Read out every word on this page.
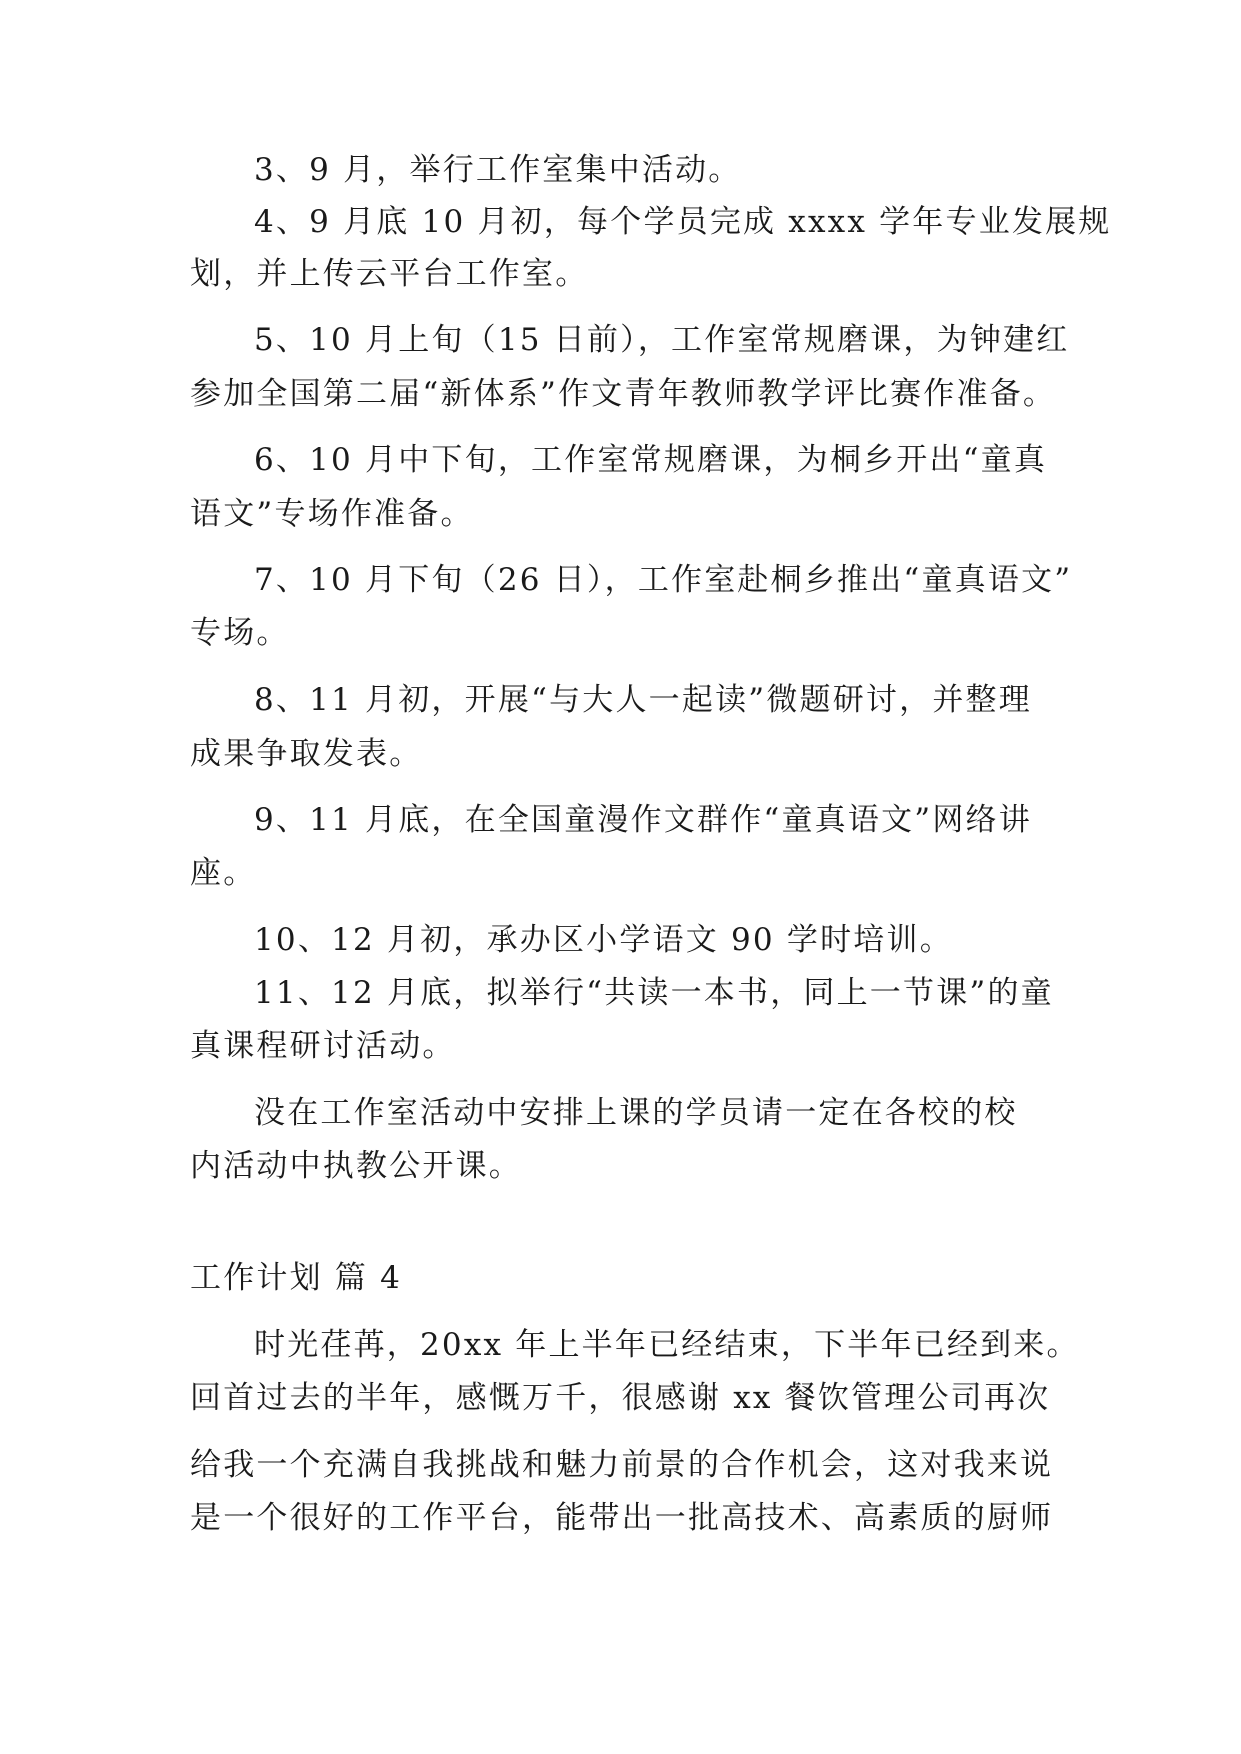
3、9 月，举行工作室集中活动。
4、9 月底 10 月初，每个学员完成 xxxx 学年专业发展规
划，并上传云平台工作室。
5、10 月上旬（15 日前），工作室常规磨课，为钟建红
参加全国第二届“新体系”作文青年教师教学评比赛作准备。
6、10 月中下旬，工作室常规磨课，为桐乡开出“童真
语文”专场作准备。
7、10 月下旬（26 日），工作室赴桐乡推出“童真语文”
专场。
8、11 月初，开展“与大人一起读”微题研讨，并整理
成果争取发表。
9、11 月底，在全国童漫作文群作“童真语文”网络讲
座。
10、12 月初，承办区小学语文 90 学时培训。
11、12 月底，拟举行“共读一本书，同上一节课”的童
真课程研讨活动。
没在工作室活动中安排上课的学员请一定在各校的校
内活动中执教公开课。
工作计划 篇 4
时光荏苒，20xx 年上半年已经结束，下半年已经到来。
回首过去的半年，感慨万千，很感谢 xx 餐饮管理公司再次
给我一个充满自我挑战和魅力前景的合作机会，这对我来说
是一个很好的工作平台，能带出一批高技术、高素质的厨师
